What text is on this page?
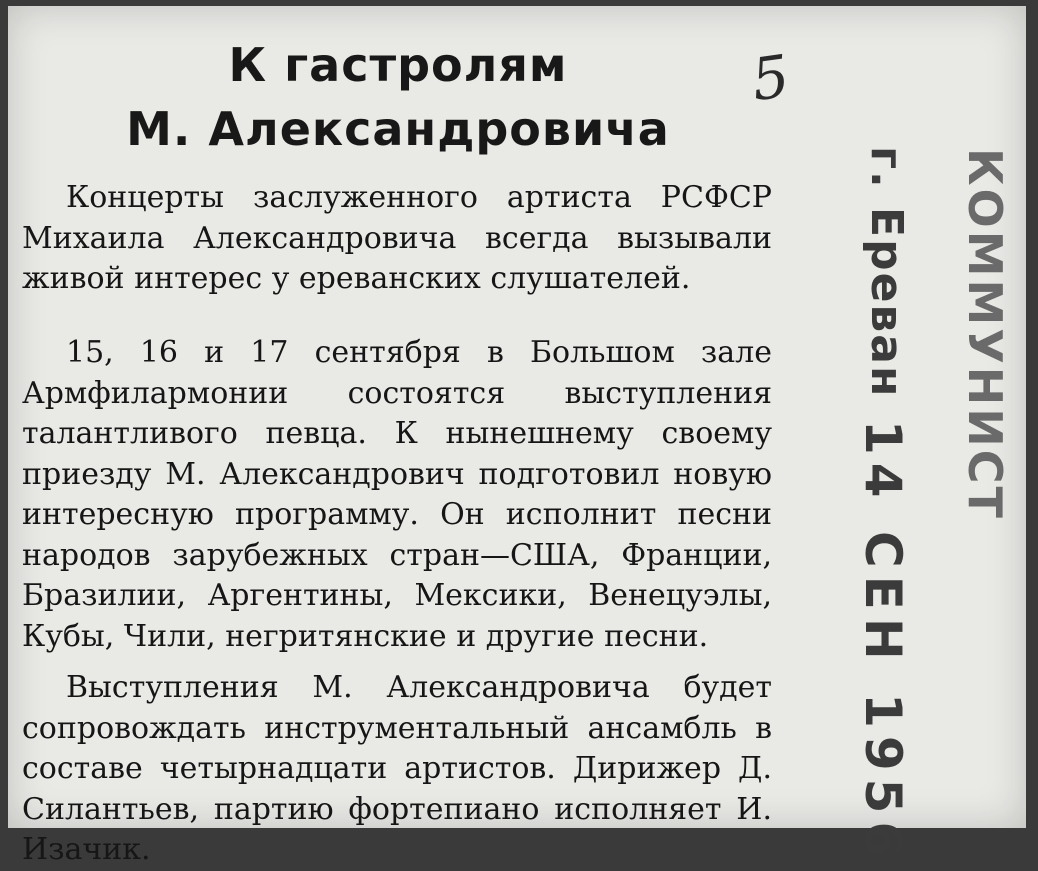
К гастролям
М. Александровича
Концерты заслуженного артиста РСФСР Михаила Александровича всегда вызывали живой интерес у ереванских слушателей.
15, 16 и 17 сентября в Большом зале Армфилармонии состоятся выступления талантливого певца. К нынешнему своему приезду М. Александрович подготовил новую интересную программу. Он исполнит песни народов зарубежных стран—США, Франции, Бразилии, Аргентины, Мексики, Венецуэлы, Кубы, Чили, негритянские и другие песни.
Выступления М. Александровича будет сопровождать инструментальный ансамбль в составе четырнадцати артистов. Дирижер Д. Силантьев, партию фортепиано исполняет И. Изачик.
5
КОММУНИСТ
г. Ереван
14 СЕН 1956
